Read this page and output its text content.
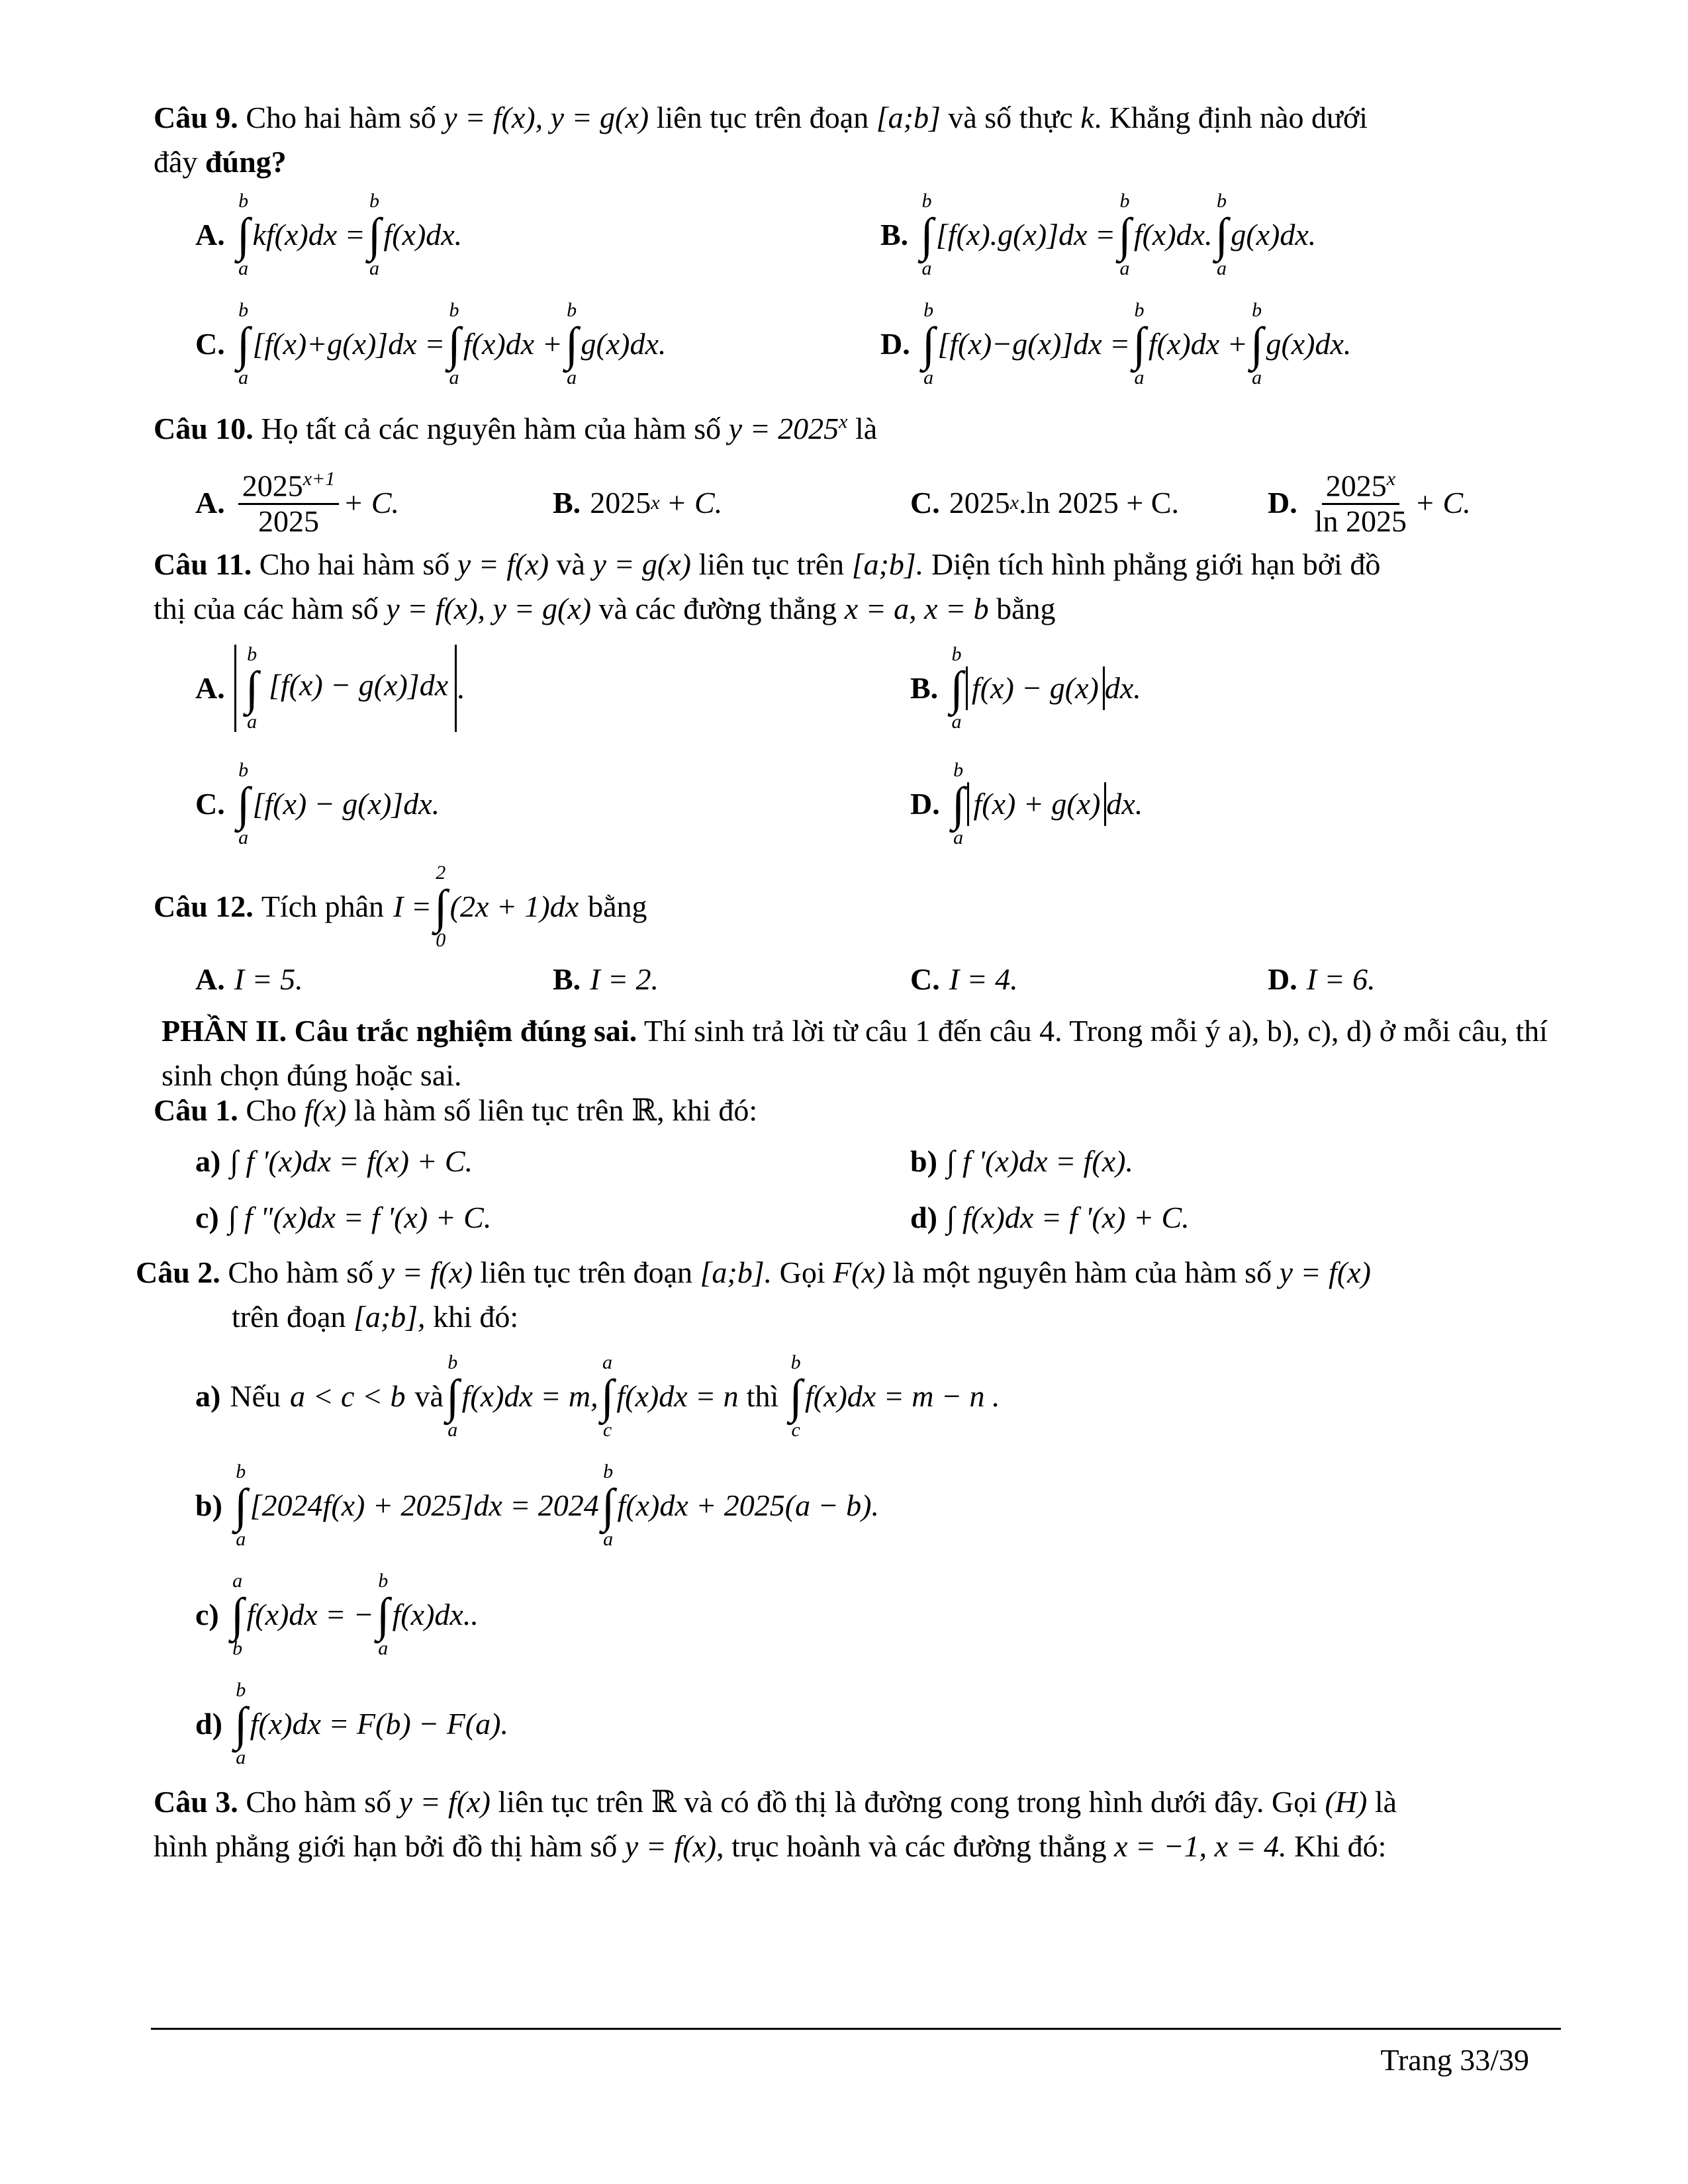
Câu 9. Cho hai hàm số y = f(x), y = g(x) liên tục trên đoạn [a;b] và số thực k. Khẳng định nào dưới
đây đúng?
A.
b
∫
a
kf(x)dx =
b
∫
a
f(x)dx.	B.
b
∫
a
[f(x).g(x)]dx =
b
∫
a
f(x)dx.
b
∫
a
g(x)dx.
C.
b
∫
a
[f(x)+g(x)]dx =
b
∫
a
f(x)dx +
b
∫
a
g(x)dx.	D.
b
∫
a
[f(x)−g(x)]dx =
b
∫
a
f(x)dx +
b
∫
a
g(x)dx.
Câu 10. Họ tất cả các nguyên hàm của hàm số $y = 2025^x$ là
A. $\frac{2025^{x+1}}{2025} + C$.	B. 2025 x + C.	C. 2025 x .ln 2025 + C.	D. $\frac{2025^x}{\ln 2025} + C$.
Câu 11. Cho hai hàm số y = f(x) và y = g(x) liên tục trên [a;b]. Diện tích hình phẳng giới hạn bởi đồ
thị của các hàm số y = f(x), y = g(x) và các đường thẳng x = a, x = b bằng
A.
b
∫
a
[f(x) − g(x)]dx .	B.
b
∫
a
f(x) − g(x) dx.
C.
b
∫
a
[f(x) − g(x)]dx.	D.
b
∫
a
f(x) + g(x) dx.
Câu 12. Tích phân I =
2
∫
0
(2x + 1)dx bằng
A. I = 5.	B. I = 2.	C. I = 4.	D. I = 6.
PHẦN II. Câu trắc nghiệm đúng sai. Thí sinh trả lời từ câu 1 đến câu 4. Trong mỗi ý a), b), c), d) ở mỗi câu, thí sinh chọn đúng hoặc sai.
Câu 1. Cho f(x) là hàm số liên tục trên ℝ, khi đó:
a) ∫ f '(x)dx = f(x) + C.	b) ∫ f '(x)dx = f(x).
c) ∫ f "(x)dx = f '(x) + C.	d) ∫ f(x)dx = f '(x) + C.
Câu 2. Cho hàm số y = f(x) liên tục trên đoạn [a;b]. Gọi F(x) là một nguyên hàm của hàm số y = f(x)
trên đoạn [a;b], khi đó:
a) Nếu a < c < b và
b
∫
a
f(x)dx = m,
a
∫
c
f(x)dx = n thì
b
∫
c
f(x)dx = m − n .
b)
b
∫
a
[2024f(x) + 2025]dx = 2024
b
∫
a
f(x)dx + 2025(a − b).
c)
a
∫
b
f(x)dx = −
b
∫
a
f(x)dx..
d)
b
∫
a
f(x)dx = F(b) − F(a).
Câu 3. Cho hàm số y = f(x) liên tục trên ℝ và có đồ thị là đường cong trong hình dưới đây. Gọi (H) là
hình phẳng giới hạn bởi đồ thị hàm số y = f(x), trục hoành và các đường thẳng x = −1, x = 4. Khi đó:
Trang 33/39
